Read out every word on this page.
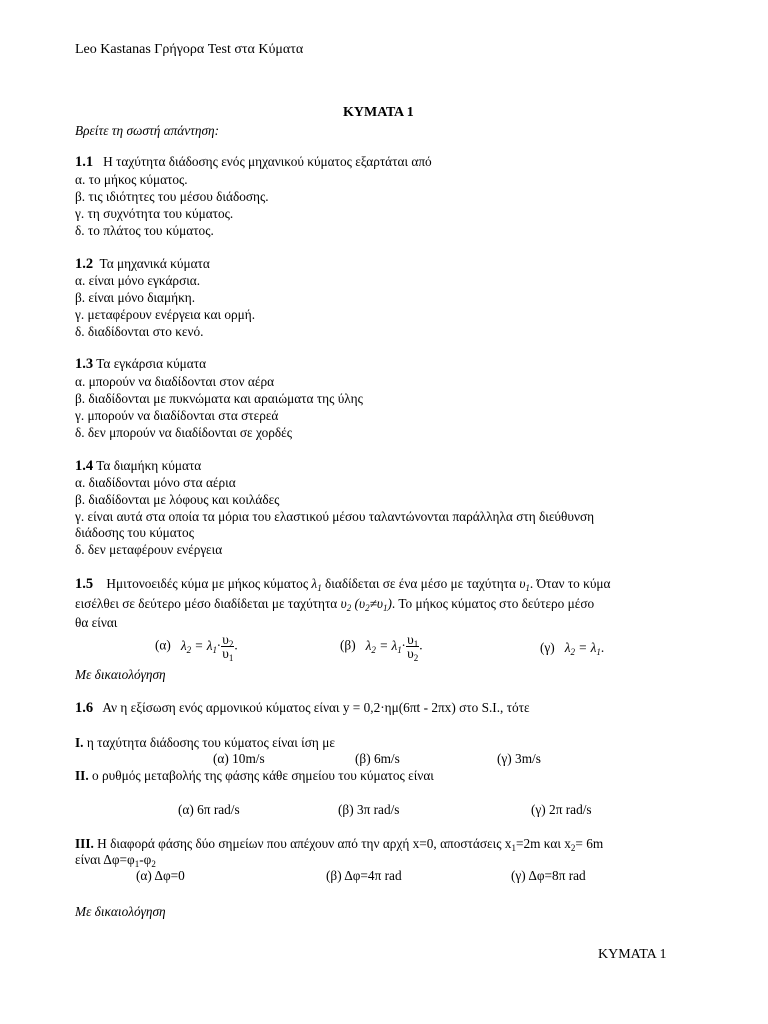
Leo Kastanas Γρήγορα Test στα Κύματα
ΚΥΜΑΤΑ 1
Βρείτε τη σωστή απάντηση:
1.1 Η ταχύτητα διάδοσης ενός μηχανικού κύματος εξαρτάται από
α. το μήκος κύματος.
β. τις ιδιότητες του μέσου διάδοσης.
γ. τη συχνότητα του κύματος.
δ. το πλάτος του κύματος.
1.2 Τα μηχανικά κύματα
α. είναι μόνο εγκάρσια.
β. είναι μόνο διαμήκη.
γ. μεταφέρουν ενέργεια και ορμή.
δ. διαδίδονται στο κενό.
1.3 Τα εγκάρσια κύματα
α. μπορούν να διαδίδονται στον αέρα
β. διαδίδονται με πυκνώματα και αραιώματα της ύλης
γ. μπορούν να διαδίδονται στα στερεά
δ. δεν μπορούν να διαδίδονται σε χορδές
1.4 Τα διαμήκη κύματα
α. διαδίδονται μόνο στα αέρια
β. διαδίδονται με λόφους και κοιλάδες
γ. είναι αυτά στα οποία τα μόρια του ελαστικού μέσου ταλαντώνονται παράλληλα στη διεύθυνση
διάδοσης του κύματος
δ. δεν μεταφέρουν ενέργεια
1.5 Ημιτονοειδές κύμα με μήκος κύματος $\lambda_1$ διαδίδεται σε ένα μέσο με ταχύτητα $\upsilon_1$. Όταν το κύμα
εισέλθει σε δεύτερο μέσο διαδίδεται με ταχύτητα $\upsilon_2$ $(\upsilon_2\ne\upsilon_1)$. Το μήκος κύματος στο δεύτερο μέσο
θα είναι
(α) $\lambda_2 = \lambda_1\cdot \frac{\upsilon_2}{\upsilon_1}$ .	(β) $\lambda_2 = \lambda_1\cdot \frac{\upsilon_1}{\upsilon_2}$ .	(γ) $\lambda_2 = \lambda_1$.
Με δικαιολόγηση
1.6 Αν η εξίσωση ενός αρμονικού κύματος είναι y = 0,2·ημ(6πt - 2πx) στο S.I., τότε
Ι. η ταχύτητα διάδοσης του κύματος είναι ίση με
(α) 10m/s	(β) 6m/s	(γ) 3m/s
ΙΙ. ο ρυθμός μεταβολής της φάσης κάθε σημείου του κύματος είναι
(α) 6π rad/s	(β) 3π rad/s	(γ) 2π rad/s
ΙΙΙ. Η διαφορά φάσης δύο σημείων που απέχουν από την αρχή x=0, αποστάσεις $x_1=2m$ και $x_2= 6m$
είναι $\Delta\varphi=\varphi_1-\varphi_2$
(α) Δφ=0	(β) Δφ=4π rad	(γ) Δφ=8π rad
Με δικαιολόγηση
ΚΥΜΑΤΑ 1
